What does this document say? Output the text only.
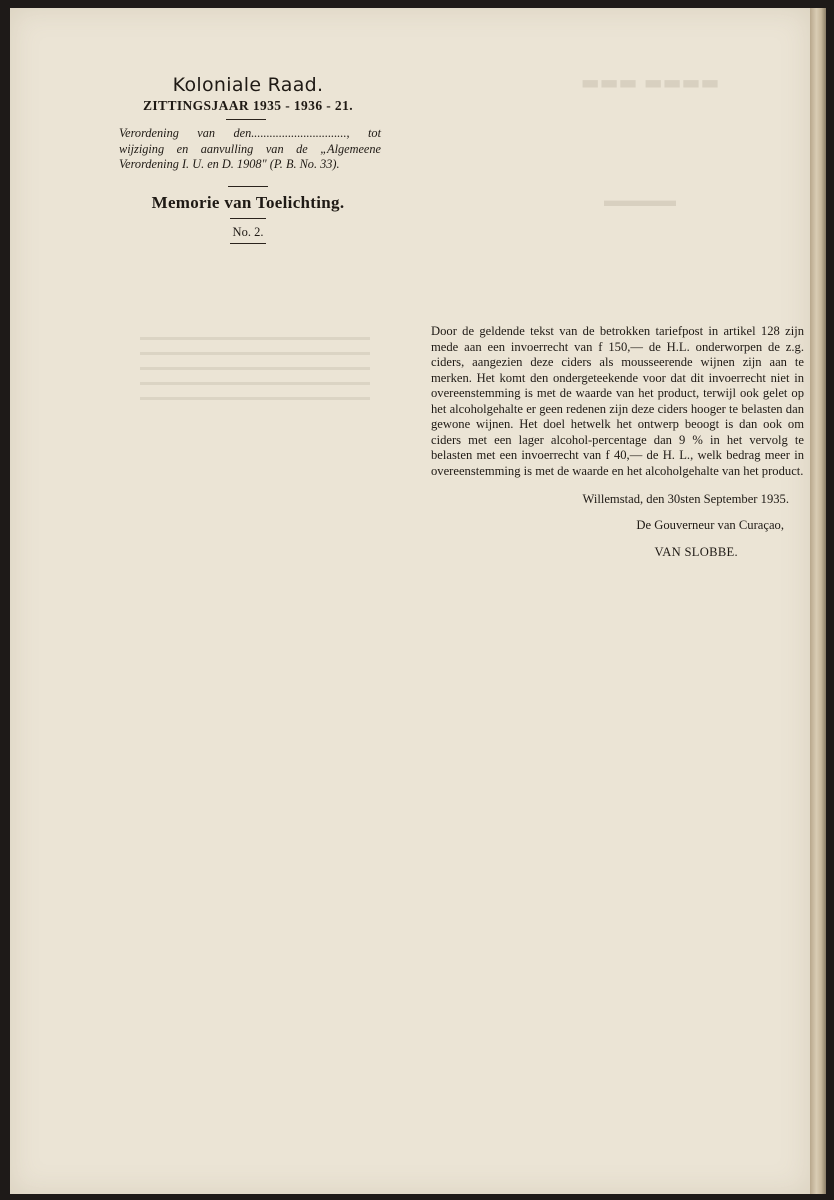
Koloniale Raad.
ZITTINGSJAAR 1935 - 1936 - 21.
Verordening van den..............................., tot wijziging en aanvulling van de „Algemeene Verordening I. U. en D. 1908" (P. B. No. 33).
Memorie van Toelichting.
No. 2.
Door de geldende tekst van de betrokken tariefpost in artikel 128 zijn mede aan een invoerrecht van f 150,— de H.L. onderworpen de z.g. ciders, aangezien deze ciders als mousseerende wijnen zijn aan te merken. Het komt den ondergeteekende voor dat dit invoerrecht niet in overeenstemming is met de waarde van het product, terwijl ook gelet op het alcoholgehalte er geen redenen zijn deze ciders hooger te belasten dan gewone wijnen. Het doel hetwelk het ontwerp beoogt is dan ook om ciders met een lager alcohol-percentage dan 9 % in het vervolg te belasten met een invoerrecht van f 40,— de H. L., welk bedrag meer in overeenstemming is met de waarde en het alcoholgehalte van het product.
Willemstad, den 30sten September 1935.
De Gouverneur van Curaçao,
VAN SLOBBE.
